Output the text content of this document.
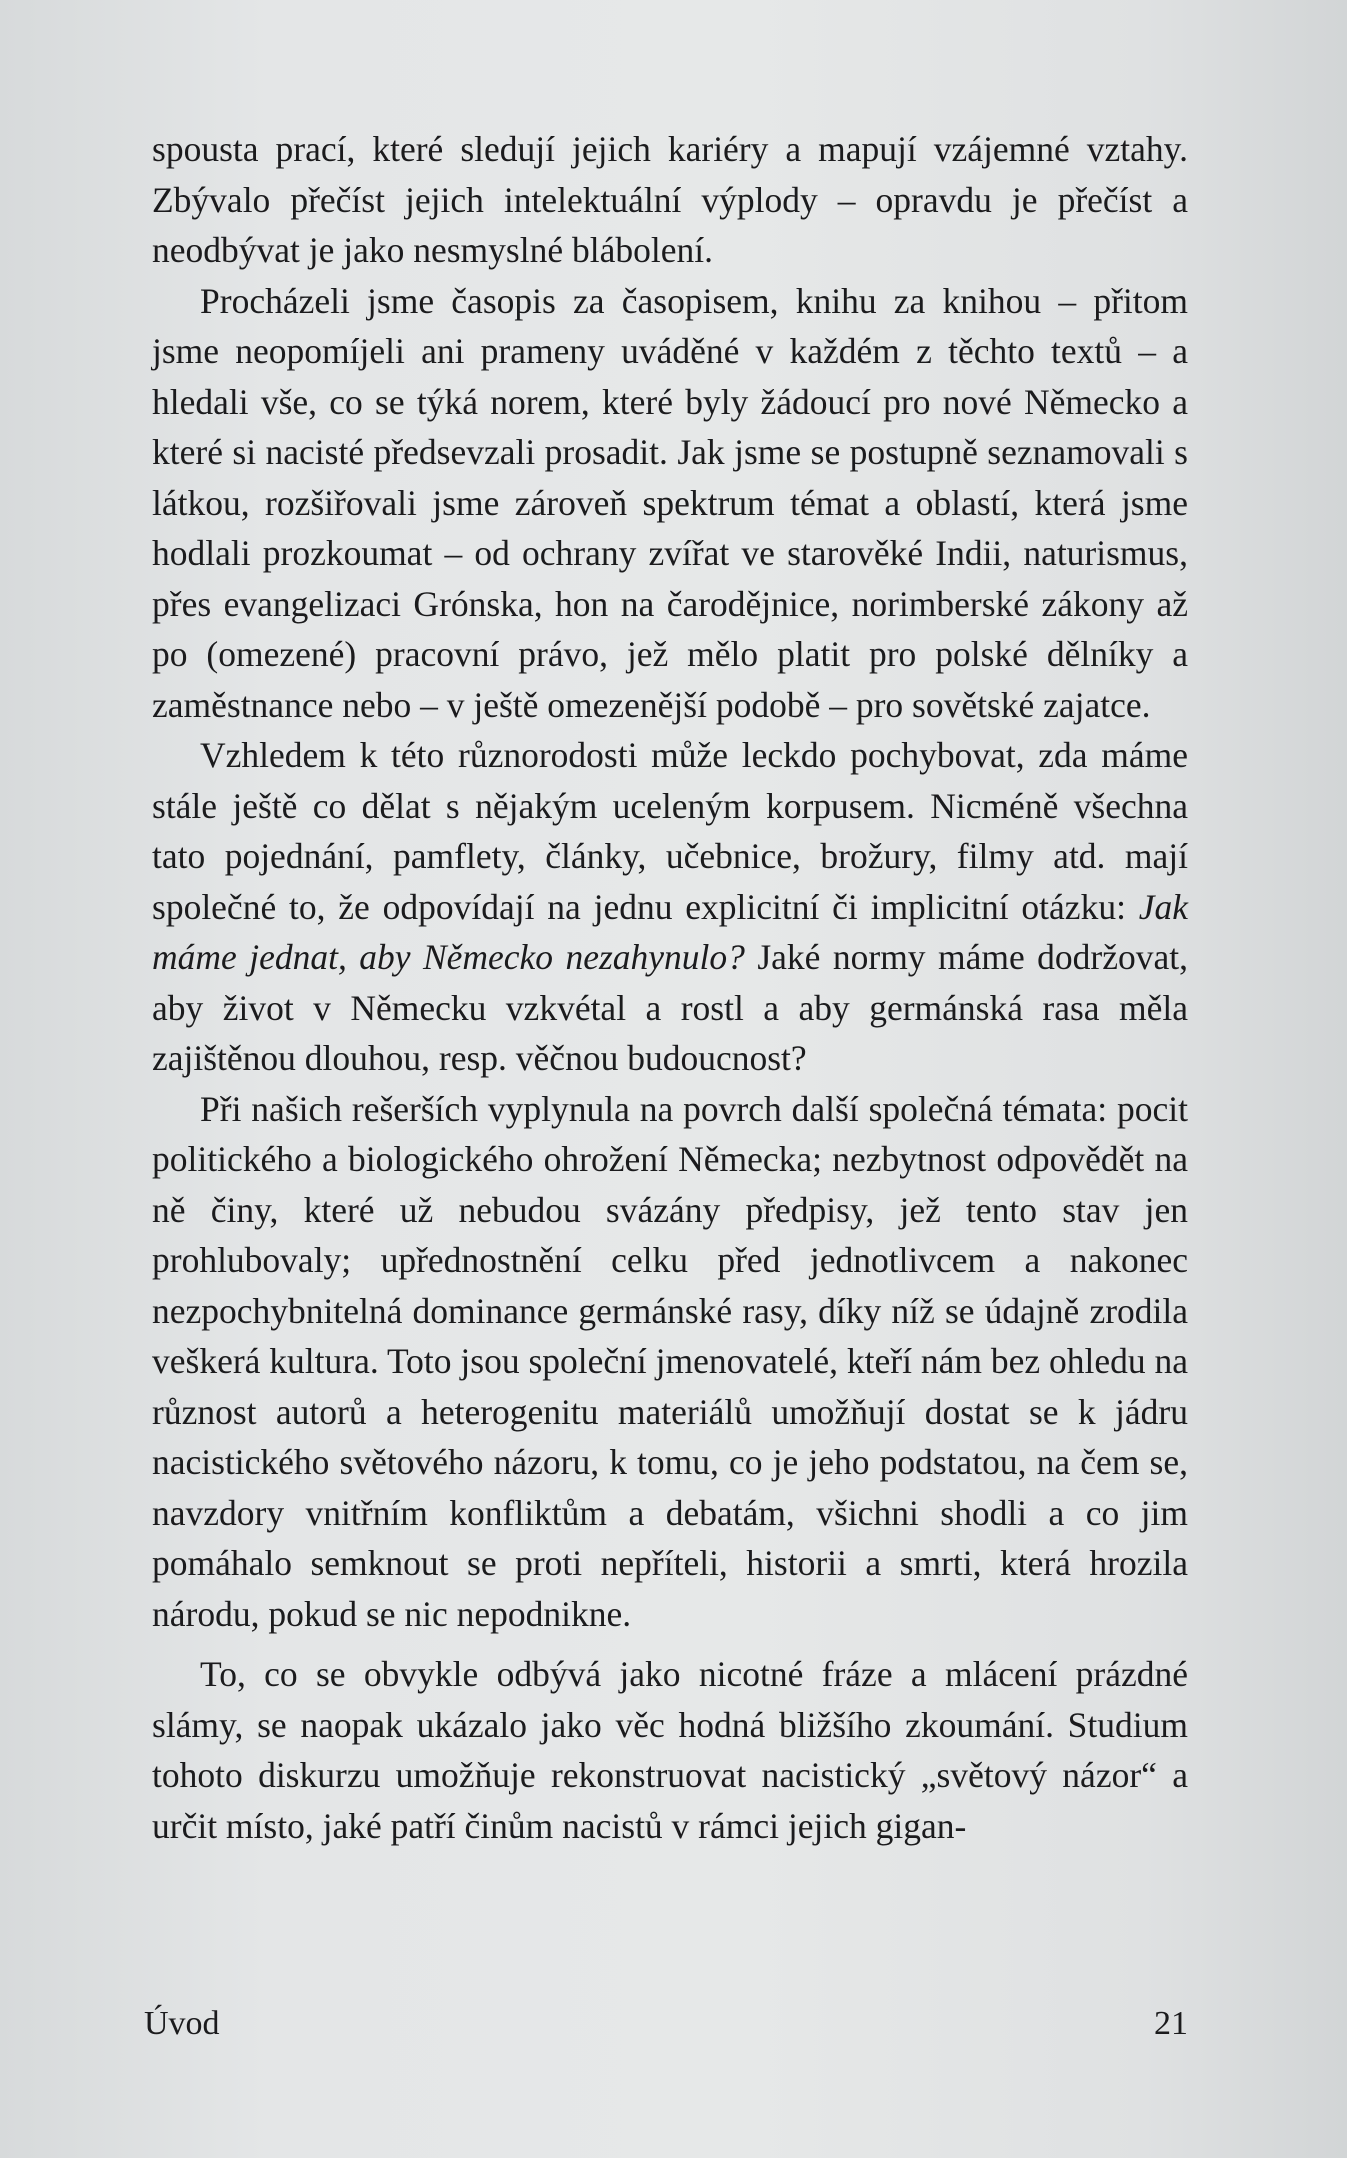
spousta prací, které sledují jejich kariéry a mapují vzájemné vztahy. Zbývalo přečíst jejich intelektuální výplody – opravdu je přečíst a neodbývat je jako nesmyslné blábolení.

Procházeli jsme časopis za časopisem, knihu za knihou – přitom jsme neopomíjeli ani prameny uváděné v každém z těchto textů – a hledali vše, co se týká norem, které byly žádoucí pro nové Německo a které si nacisté předsevzali prosadit. Jak jsme se postupně seznamovali s látkou, rozšiřovali jsme zároveň spektrum témat a oblastí, která jsme hodlali prozkoumat – od ochrany zvířat ve starověké Indii, naturismus, přes evangelizaci Grónska, hon na čarodějnice, norimberské zákony až po (omezené) pracovní právo, jež mělo platit pro polské dělníky a zaměstnance nebo – v ještě omezenější podobě – pro sovětské zajatce.

Vzhledem k této různorodosti může leckdo pochybovat, zda máme stále ještě co dělat s nějakým uceleným korpusem. Nicméně všechna tato pojednání, pamflety, články, učebnice, brožury, filmy atd. mají společné to, že odpovídají na jednu explicitní či implicitní otázku: Jak máme jednat, aby Německo nezahynulo? Jaké normy máme dodržovat, aby život v Německu vzkvétal a rostl a aby germánská rasa měla zajištěnou dlouhou, resp. věčnou budoucnost?

Při našich rešerších vyplynula na povrch další společná témata: pocit politického a biologického ohrožení Německa; nezbytnost odpovědět na ně činy, které už nebudou svázány předpisy, jež tento stav jen prohlubovaly; upřednostnění celku před jednotlivcem a nakonec nezpochybnitelná dominance germánské rasy, díky níž se údajně zrodila veškerá kultura. Toto jsou společní jmenovatelé, kteří nám bez ohledu na různost autorů a heterogenitu materiálů umožňují dostat se k jádru nacistického světového názoru, k tomu, co je jeho podstatou, na čem se, navzdory vnitřním konfliktům a debatám, všichni shodli a co jim pomáhalo semknout se proti nepříteli, historii a smrti, která hrozila národu, pokud se nic nepodnikne.

To, co se obvykle odbývá jako nicotné fráze a mlácení prázdné slámy, se naopak ukázalo jako věc hodná bližšího zkoumání. Studium tohoto diskurzu umožňuje rekonstruovat nacistický „světový názor“ a určit místo, jaké patří činům nacistů v rámci jejich gigan-

Úvod	21
